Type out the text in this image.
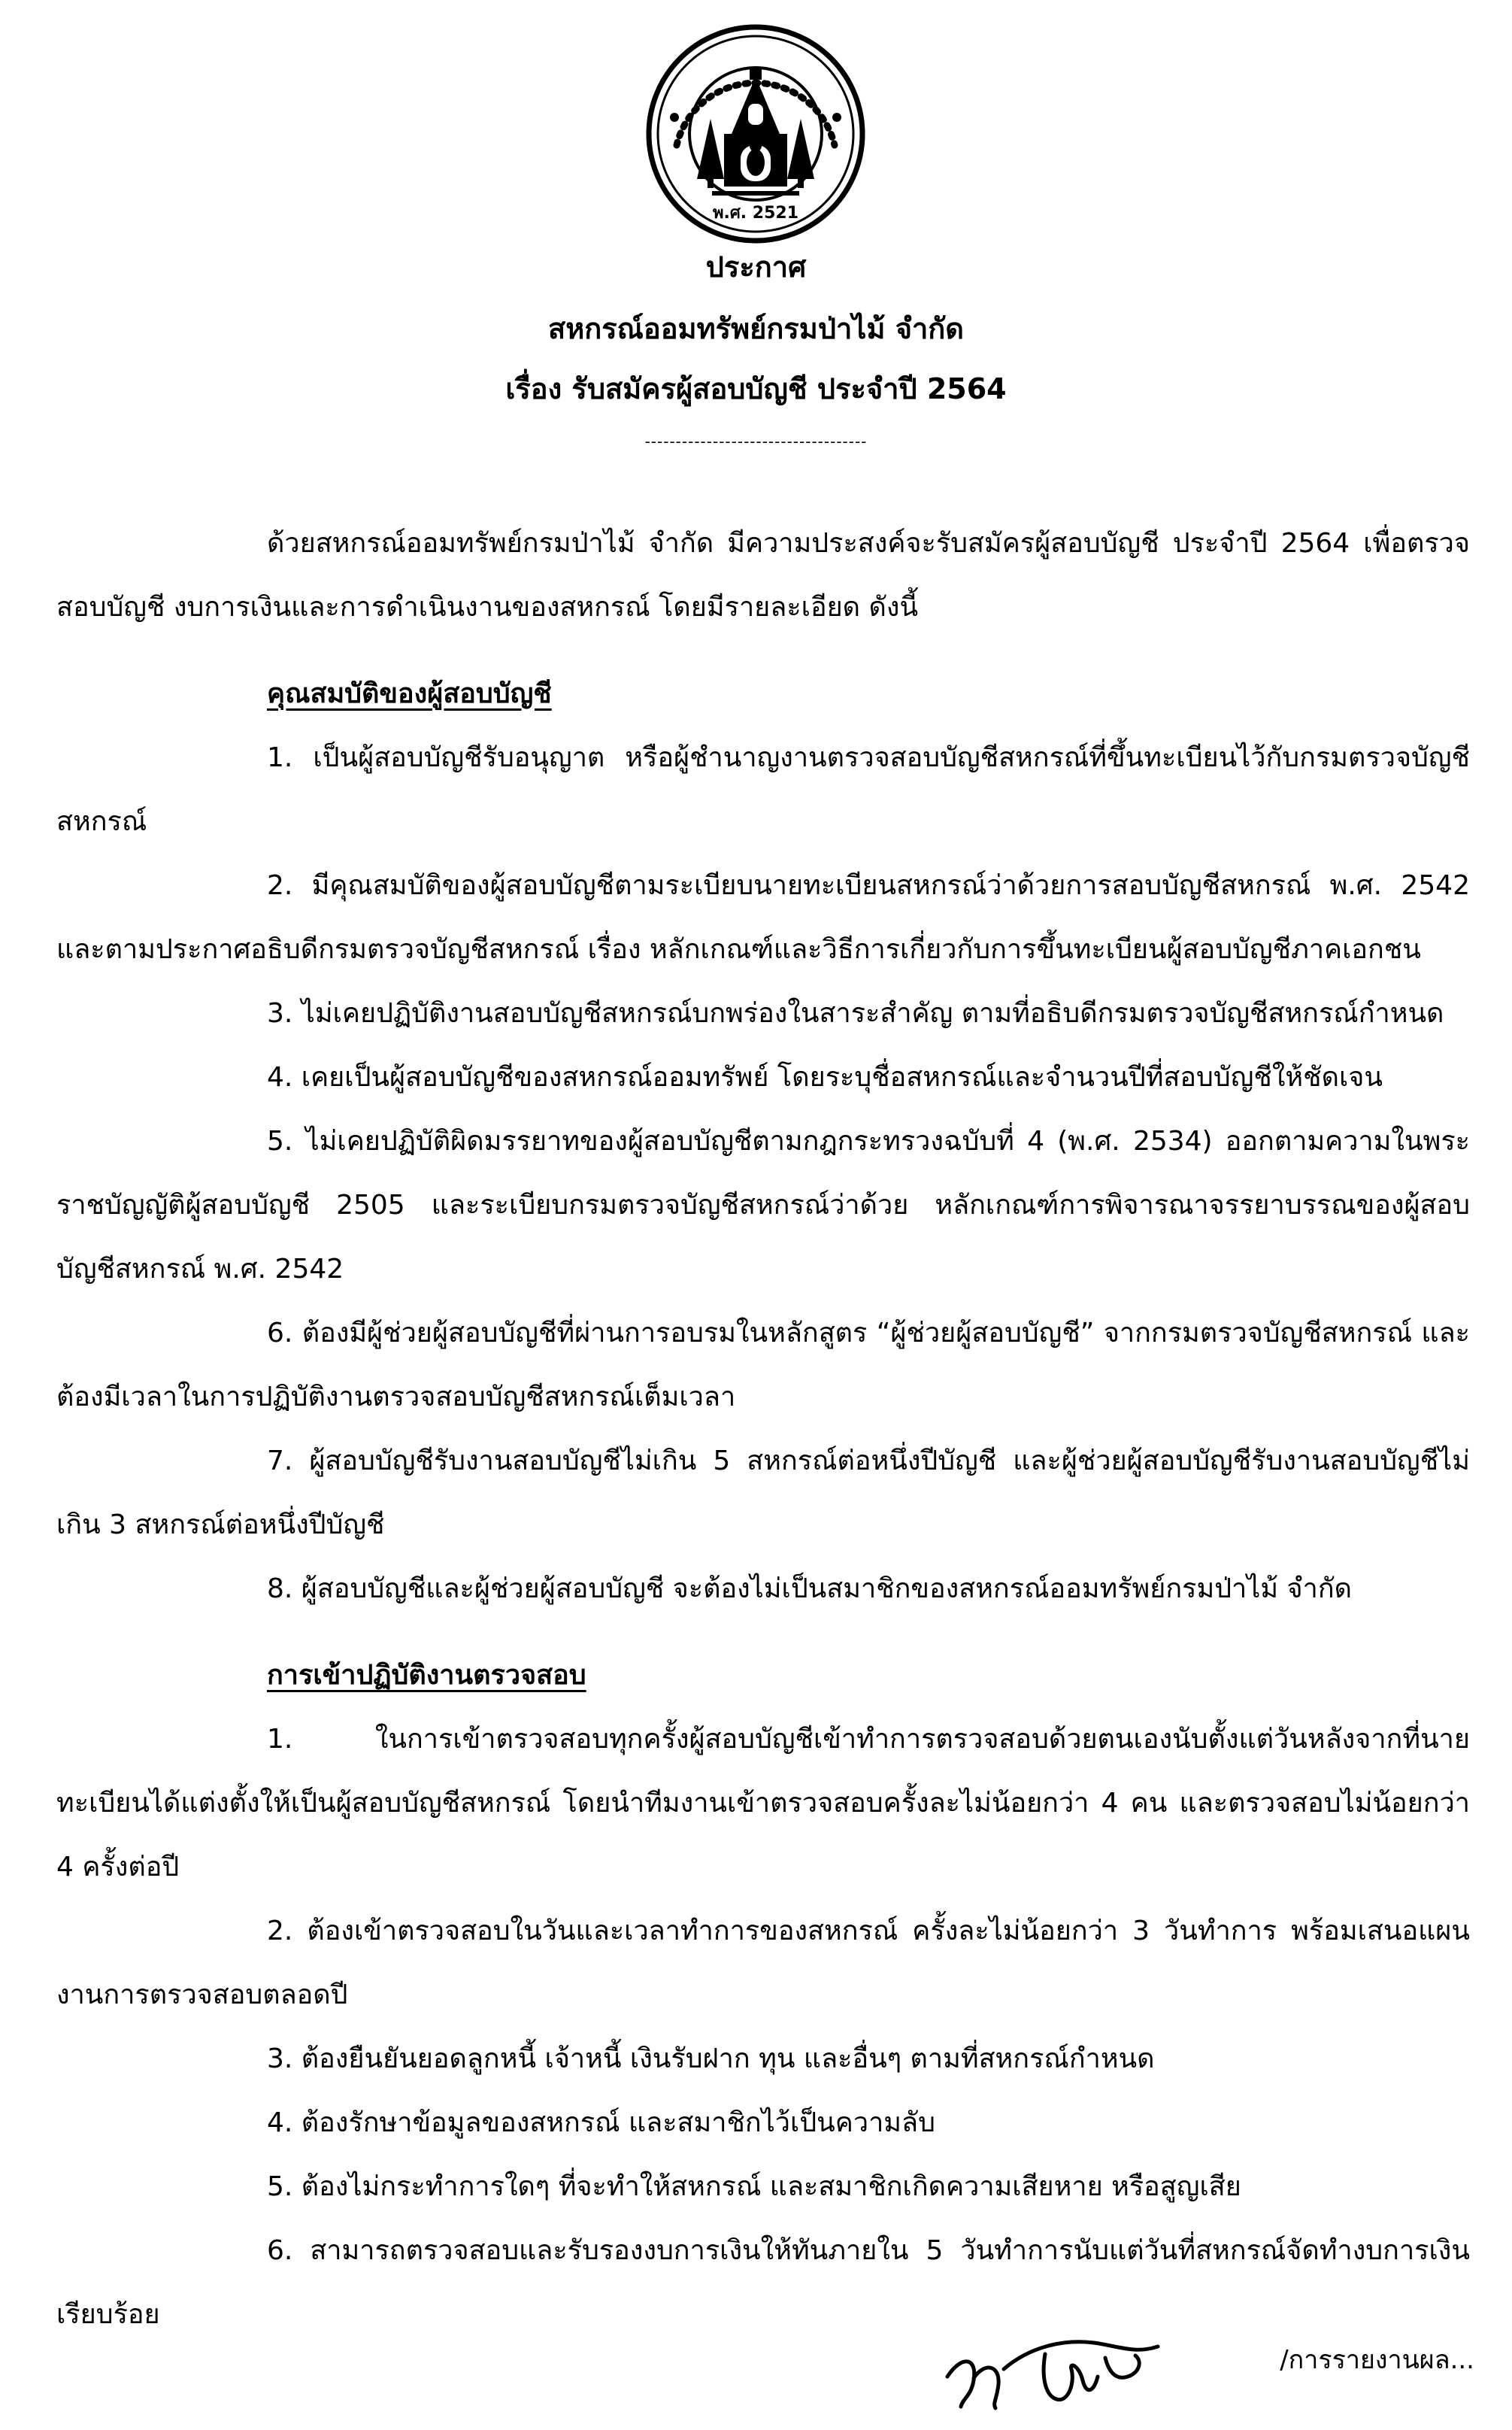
พ.ศ. 2521
ประกาศ
สหกรณ์ออมทรัพย์กรมป่าไม้ จำกัด
เรื่อง รับสมัครผู้สอบบัญชี ประจำปี 2564
------------------------------------

ด้วยสหกรณ์ออมทรัพย์กรมป่าไม้ จำกัด มีความประสงค์จะรับสมัครผู้สอบบัญชี ประจำปี 2564 เพื่อตรวจสอบบัญชี งบการเงินและการดำเนินงานของสหกรณ์ โดยมีรายละเอียด ดังนี้

คุณสมบัติของผู้สอบบัญชี

1. เป็นผู้สอบบัญชีรับอนุญาต หรือผู้ชำนาญงานตรวจสอบบัญชีสหกรณ์ที่ขึ้นทะเบียนไว้กับกรมตรวจบัญชีสหกรณ์

2. มีคุณสมบัติของผู้สอบบัญชีตามระเบียบนายทะเบียนสหกรณ์ว่าด้วยการสอบบัญชีสหกรณ์ พ.ศ. 2542 และตามประกาศอธิบดีกรมตรวจบัญชีสหกรณ์ เรื่อง หลักเกณฑ์และวิธีการเกี่ยวกับการขึ้นทะเบียนผู้สอบบัญชีภาคเอกชน

3. ไม่เคยปฏิบัติงานสอบบัญชีสหกรณ์บกพร่องในสาระสำคัญ ตามที่อธิบดีกรมตรวจบัญชีสหกรณ์กำหนด

4. เคยเป็นผู้สอบบัญชีของสหกรณ์ออมทรัพย์ โดยระบุชื่อสหกรณ์และจำนวนปีที่สอบบัญชีให้ชัดเจน

5. ไม่เคยปฏิบัติผิดมรรยาทของผู้สอบบัญชีตามกฎกระทรวงฉบับที่ 4 (พ.ศ. 2534) ออกตามความในพระราชบัญญัติผู้สอบบัญชี 2505 และระเบียบกรมตรวจบัญชีสหกรณ์ว่าด้วย หลักเกณฑ์การพิจารณาจรรยาบรรณของผู้สอบบัญชีสหกรณ์ พ.ศ. 2542

6. ต้องมีผู้ช่วยผู้สอบบัญชีที่ผ่านการอบรมในหลักสูตร “ผู้ช่วยผู้สอบบัญชี” จากกรมตรวจบัญชีสหกรณ์ และต้องมีเวลาในการปฏิบัติงานตรวจสอบบัญชีสหกรณ์เต็มเวลา

7. ผู้สอบบัญชีรับงานสอบบัญชีไม่เกิน 5 สหกรณ์ต่อหนึ่งปีบัญชี และผู้ช่วยผู้สอบบัญชีรับงานสอบบัญชีไม่เกิน 3 สหกรณ์ต่อหนึ่งปีบัญชี

8. ผู้สอบบัญชีและผู้ช่วยผู้สอบบัญชี จะต้องไม่เป็นสมาชิกของสหกรณ์ออมทรัพย์กรมป่าไม้ จำกัด

การเข้าปฏิบัติงานตรวจสอบ

1. ในการเข้าตรวจสอบทุกครั้งผู้สอบบัญชีเข้าทำการตรวจสอบด้วยตนเองนับตั้งแต่วันหลังจากที่นายทะเบียนได้แต่งตั้งให้เป็นผู้สอบบัญชีสหกรณ์ โดยนำทีมงานเข้าตรวจสอบครั้งละไม่น้อยกว่า 4 คน และตรวจสอบไม่น้อยกว่า 4 ครั้งต่อปี

2. ต้องเข้าตรวจสอบในวันและเวลาทำการของสหกรณ์ ครั้งละไม่น้อยกว่า 3 วันทำการ พร้อมเสนอแผนงานการตรวจสอบตลอดปี

3. ต้องยืนยันยอดลูกหนี้ เจ้าหนี้ เงินรับฝาก ทุน และอื่นๆ ตามที่สหกรณ์กำหนด

4. ต้องรักษาข้อมูลของสหกรณ์ และสมาชิกไว้เป็นความลับ

5. ต้องไม่กระทำการใดๆ ที่จะทำให้สหกรณ์ และสมาชิกเกิดความเสียหาย หรือสูญเสีย

6. สามารถตรวจสอบและรับรองงบการเงินให้ทันภายใน 5 วันทำการนับแต่วันที่สหกรณ์จัดทำงบการเงินเรียบร้อย

/การรายงานผล...
